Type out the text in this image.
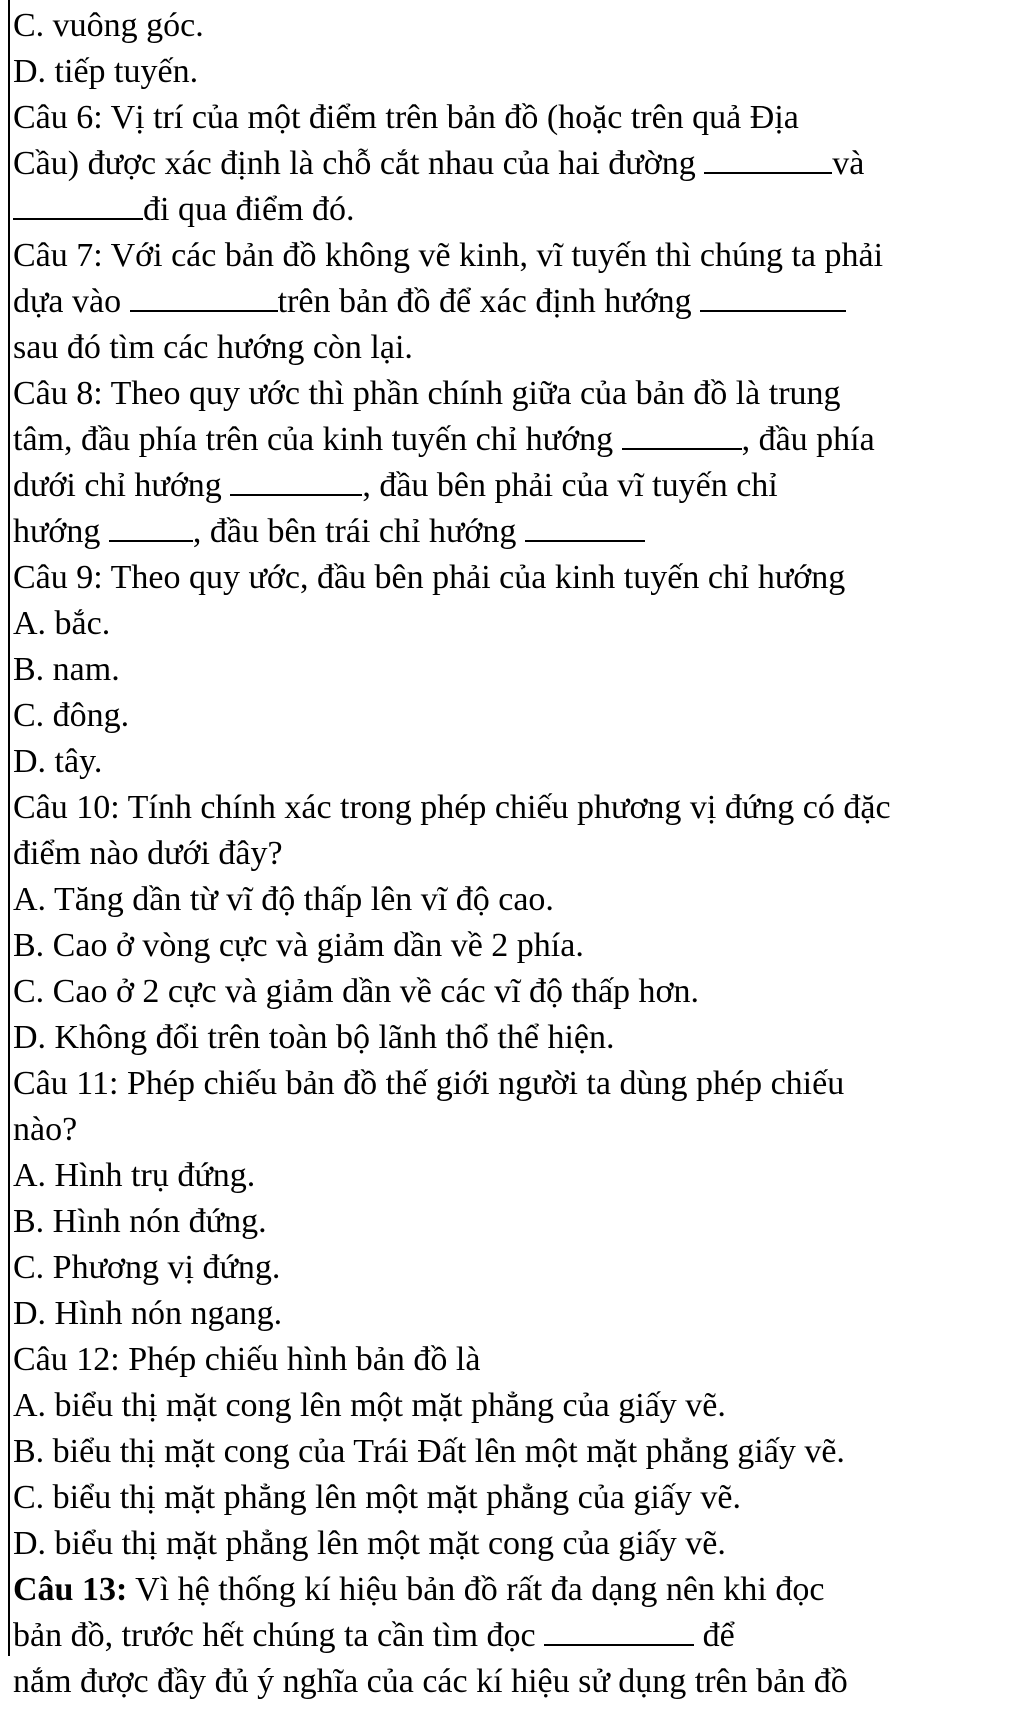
C. vuông góc.
D. tiếp tuyến.
Câu 6: Vị trí của một điểm trên bản đồ (hoặc trên quả Địa
Cầu) được xác định là chỗ cắt nhau của hai đường	và
đi qua điểm đó.
Câu 7: Với các bản đồ không vẽ kinh, vĩ tuyến thì chúng ta phải
dựa vào	trên bản đồ để xác định hướng
sau đó tìm các hướng còn lại.
Câu 8: Theo quy ước thì phần chính giữa của bản đồ là trung
tâm, đầu phía trên của kinh tuyến chỉ hướng	, đầu phía
dưới chỉ hướng	, đầu bên phải của vĩ tuyến chỉ
hướng , đầu bên trái chỉ hướng
Câu 9: Theo quy ước, đầu bên phải của kinh tuyến chỉ hướng
A. bắc.
B. nam.
C. đông.
D. tây.
Câu 10: Tính chính xác trong phép chiếu phương vị đứng có đặc
điểm nào dưới đây?
A. Tăng dần từ vĩ độ thấp lên vĩ độ cao.
B. Cao ở vòng cực và giảm dần về 2 phía.
C. Cao ở 2 cực và giảm dần về các vĩ độ thấp hơn.
D. Không đổi trên toàn bộ lãnh thổ thể hiện.
Câu 11: Phép chiếu bản đồ thế giới người ta dùng phép chiếu
nào?
A. Hình trụ đứng.
B. Hình nón đứng.
C. Phương vị đứng.
D. Hình nón ngang.
Câu 12: Phép chiếu hình bản đồ là
A. biểu thị mặt cong lên một mặt phẳng của giấy vẽ.
B. biểu thị mặt cong của Trái Đất lên một mặt phẳng giấy vẽ.
C. biểu thị mặt phẳng lên một mặt phẳng của giấy vẽ.
D. biểu thị mặt phẳng lên một mặt cong của giấy vẽ.
Câu 13: Vì hệ thống kí hiệu bản đồ rất đa dạng nên khi đọc
bản đồ, trước hết chúng ta cần tìm đọc	để
nắm được đầy đủ ý nghĩa của các kí hiệu sử dụng trên bản đồ
